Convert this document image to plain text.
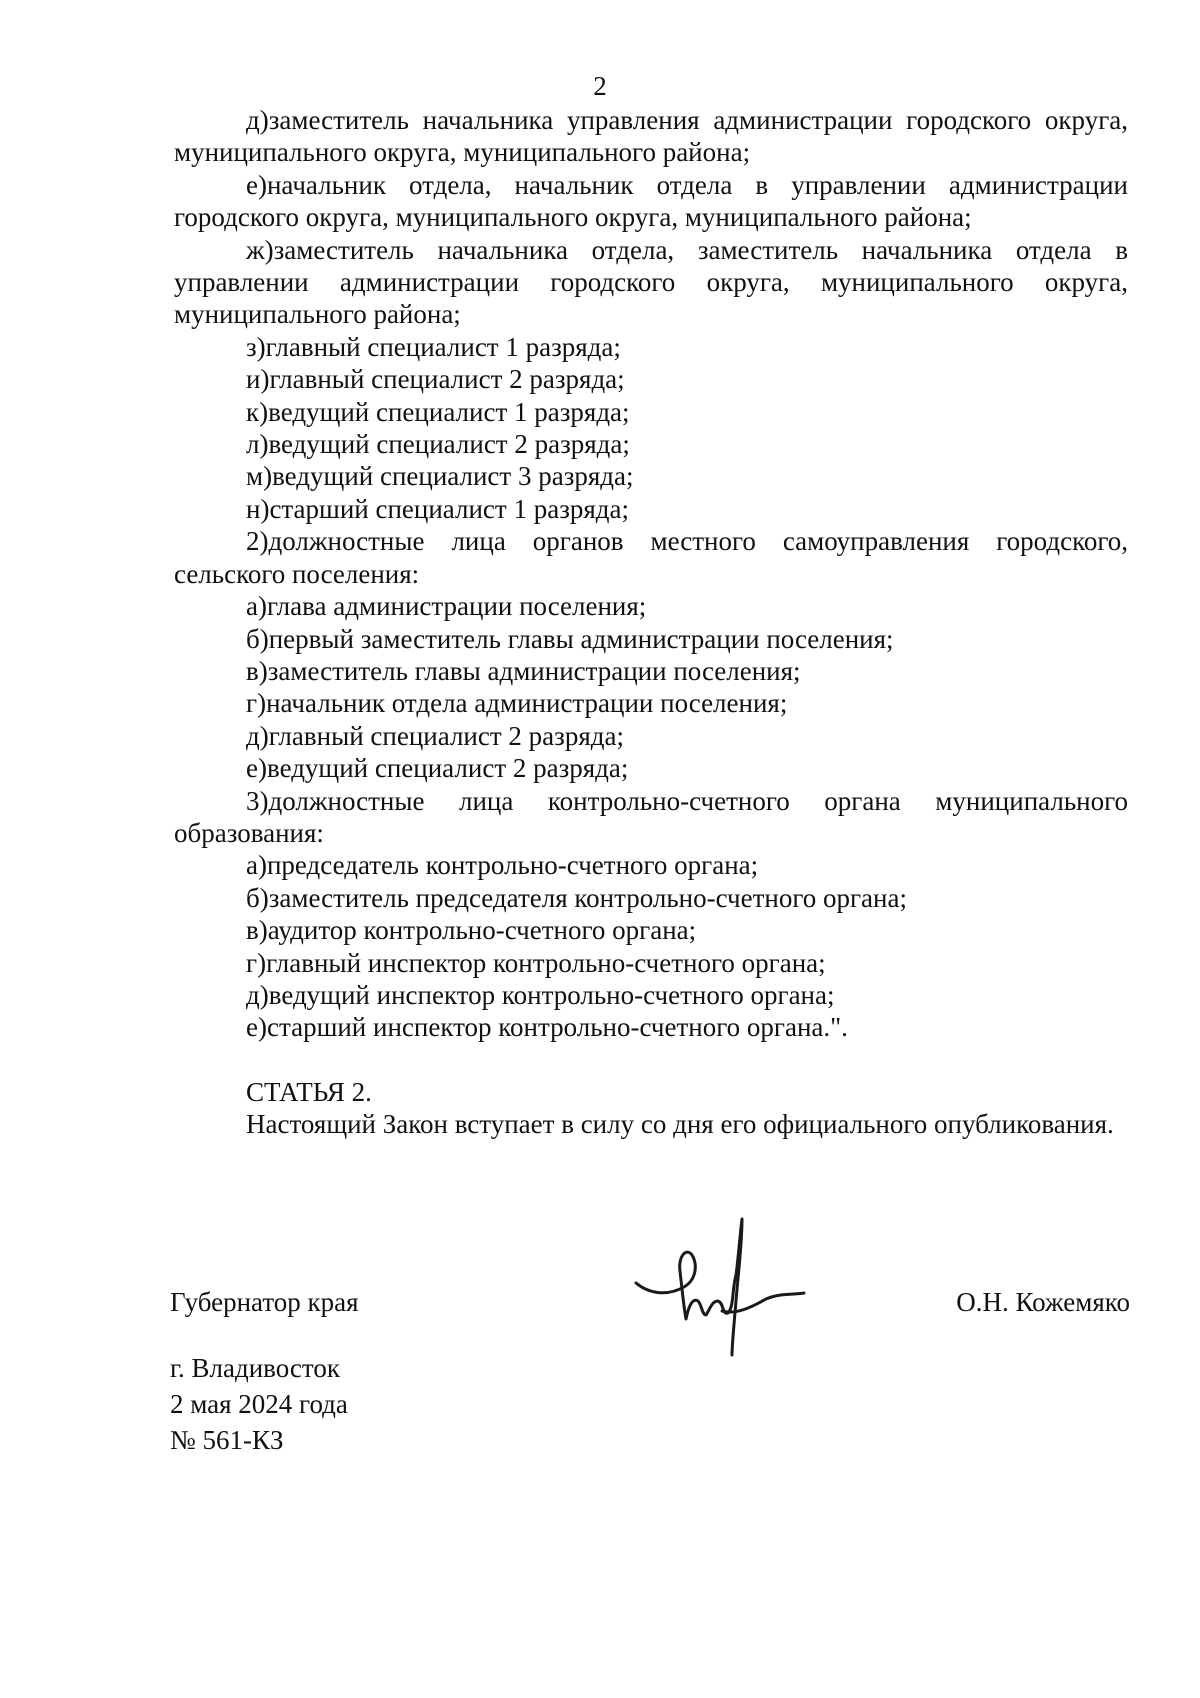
2

д)заместитель начальника управления администрации городского округа, муниципального округа, муниципального района;

е)начальник отдела, начальник отдела в управлении администрации городского округа, муниципального округа, муниципального района;

ж)заместитель начальника отдела, заместитель начальника отдела в управлении администрации городского округа, муниципального округа, муниципального района;

з)главный специалист 1 разряда;

и)главный специалист 2 разряда;

к)ведущий специалист 1 разряда;

л)ведущий специалист 2 разряда;

м)ведущий специалист 3 разряда;

н)старший специалист 1 разряда;

2)должностные лица органов местного самоуправления городского, сельского поселения:

а)глава администрации поселения;

б)первый заместитель главы администрации поселения;

в)заместитель главы администрации поселения;

г)начальник отдела администрации поселения;

д)главный специалист 2 разряда;

е)ведущий специалист 2 разряда;

3)должностные лица контрольно-счетного органа муниципального образования:

а)председатель контрольно-счетного органа;

б)заместитель председателя контрольно-счетного органа;

в)аудитор контрольно-счетного органа;

г)главный инспектор контрольно-счетного органа;

д)ведущий инспектор контрольно-счетного органа;

е)старший инспектор контрольно-счетного органа.".

СТАТЬЯ 2.

Настоящий Закон вступает в силу со дня его официального опубликования.

Губернатор края	О.Н. Кожемяко
г. Владивосток
2 мая 2024 года
№ 561-КЗ
